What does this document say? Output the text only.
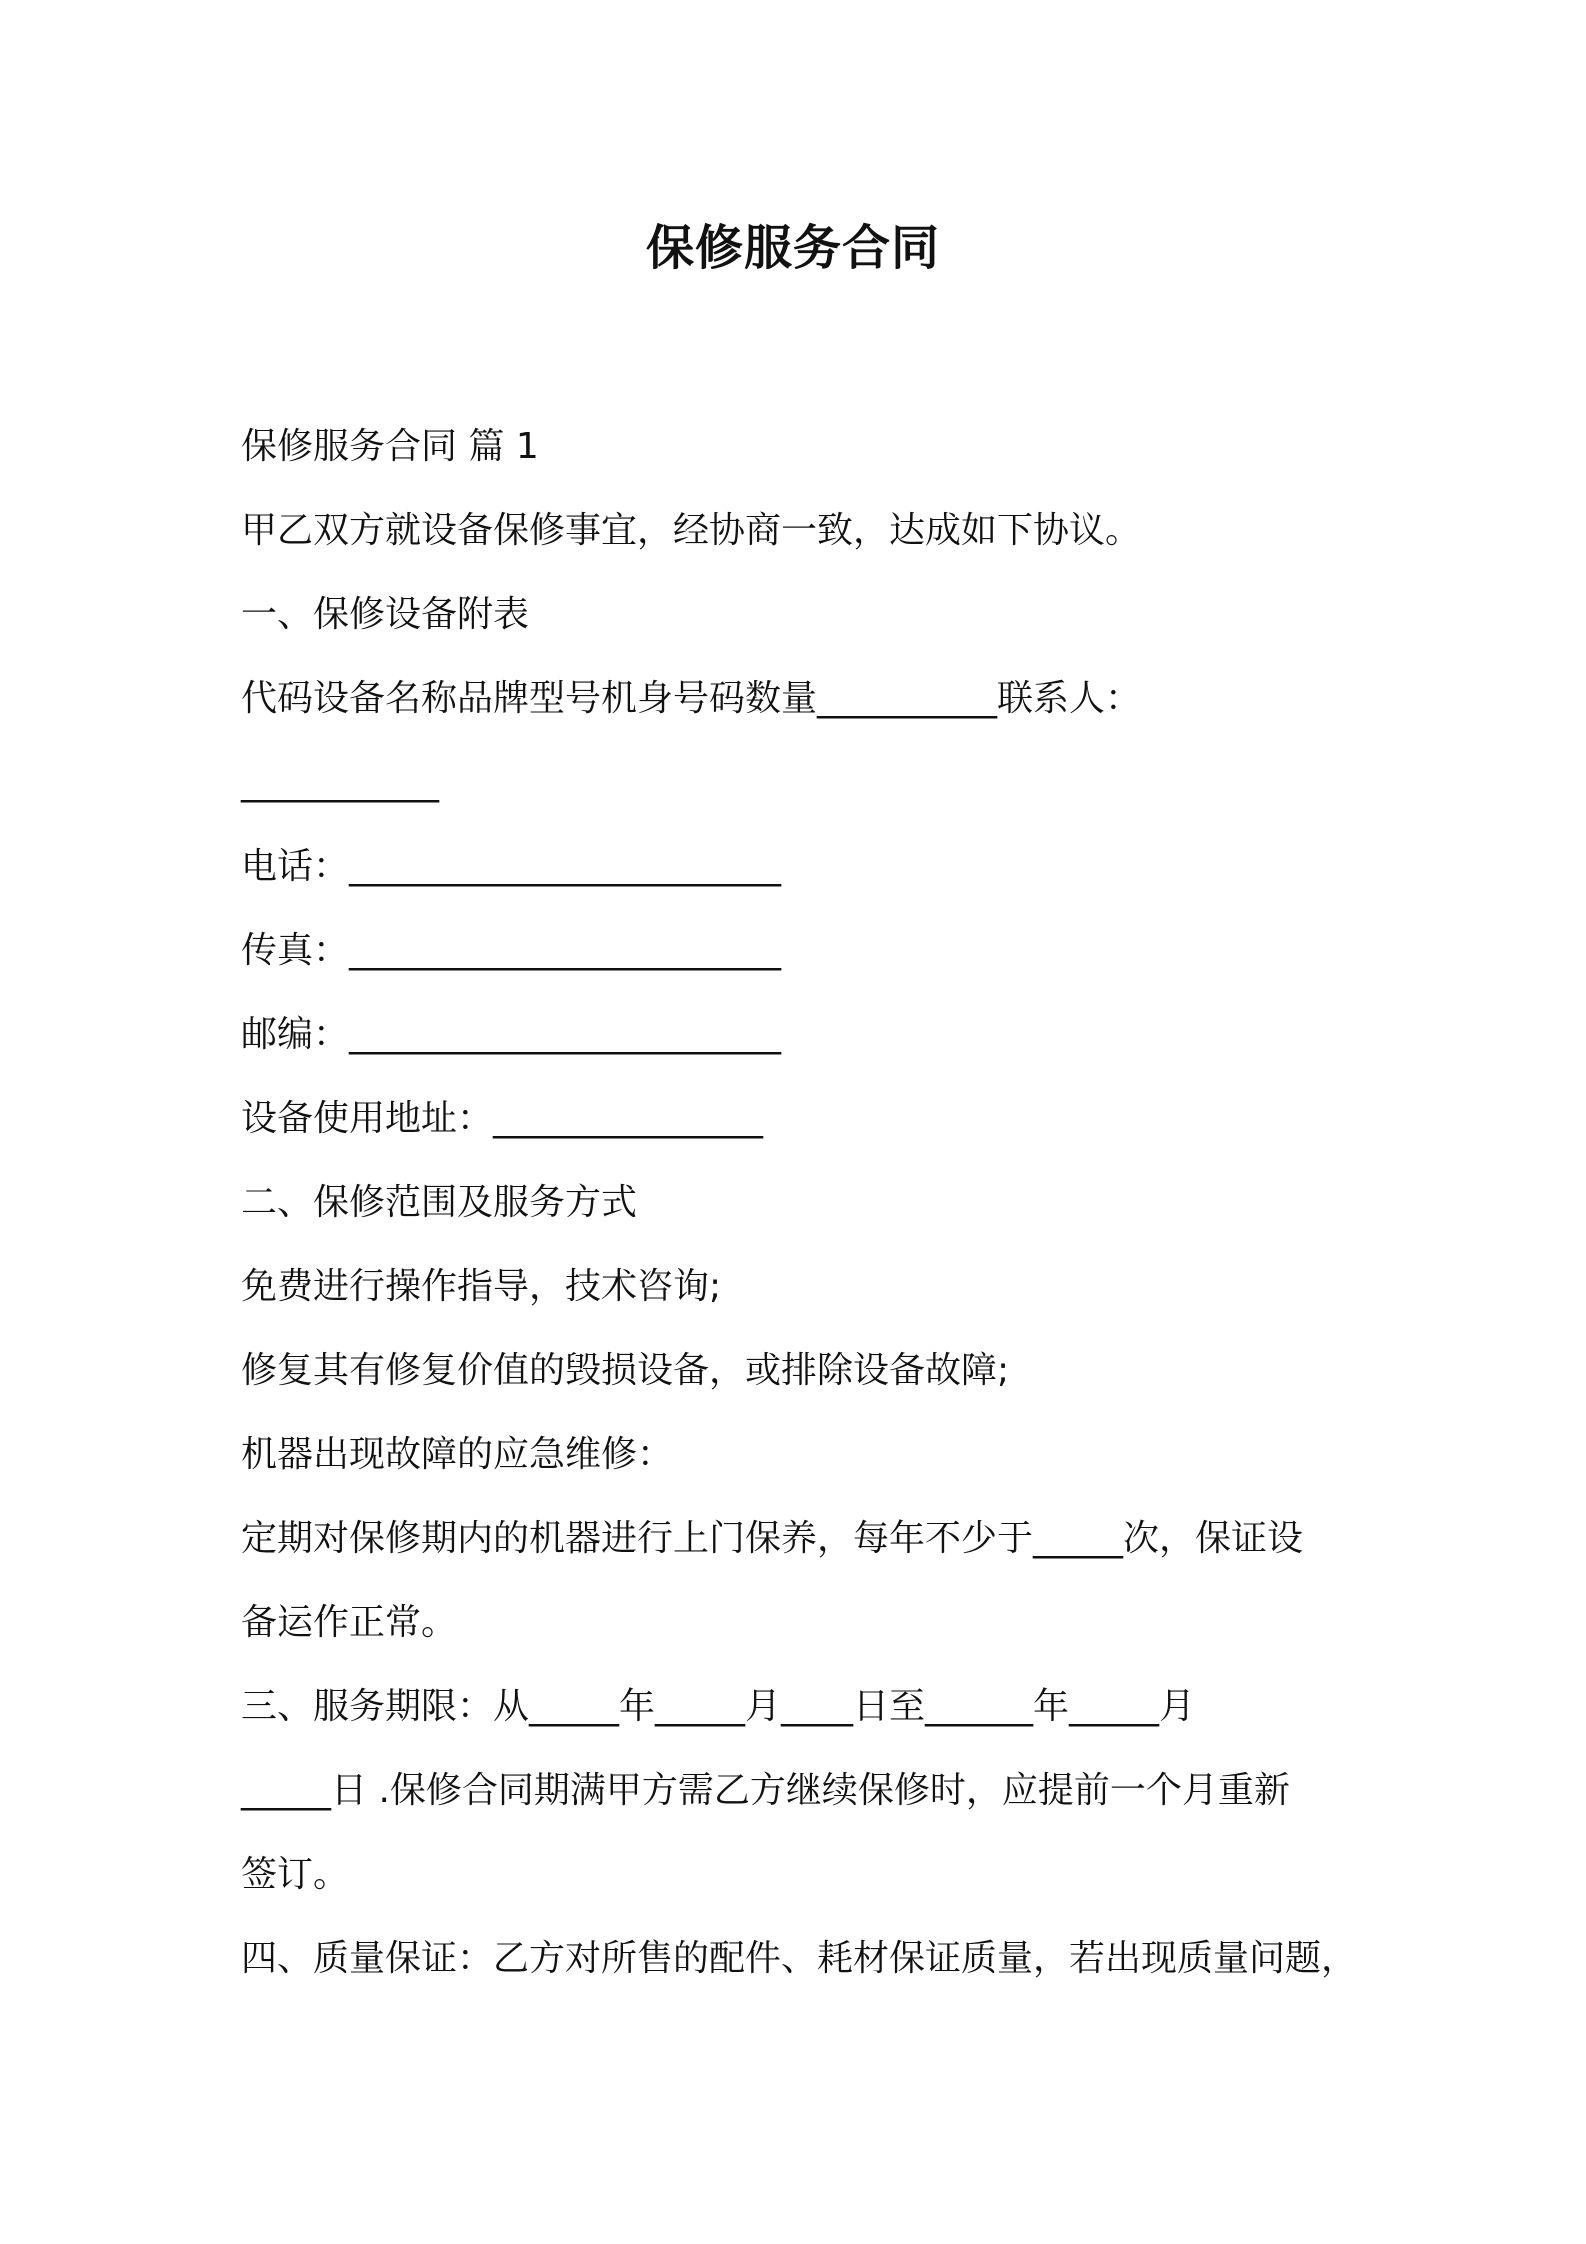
保修服务合同

保修服务合同 篇 1

甲乙双方就设备保修事宜，经协商一致，达成如下协议。

一、保修设备附表

代码设备名称品牌型号机身号码数量__________联系人：

___________

电话：________________________

传真：________________________

邮编：________________________

设备使用地址：_______________

二、保修范围及服务方式

免费进行操作指导，技术咨询;

修复其有修复价值的毁损设备，或排除设备故障;

机器出现故障的应急维修：

定期对保修期内的机器进行上门保养，每年不少于_____次，保证设

备运作正常。

三、服务期限：从_____年_____月____日至______年_____月

_____日 .保修合同期满甲方需乙方继续保修时，应提前一个月重新

签订。

四、质量保证：乙方对所售的配件、耗材保证质量，若出现质量问题，
